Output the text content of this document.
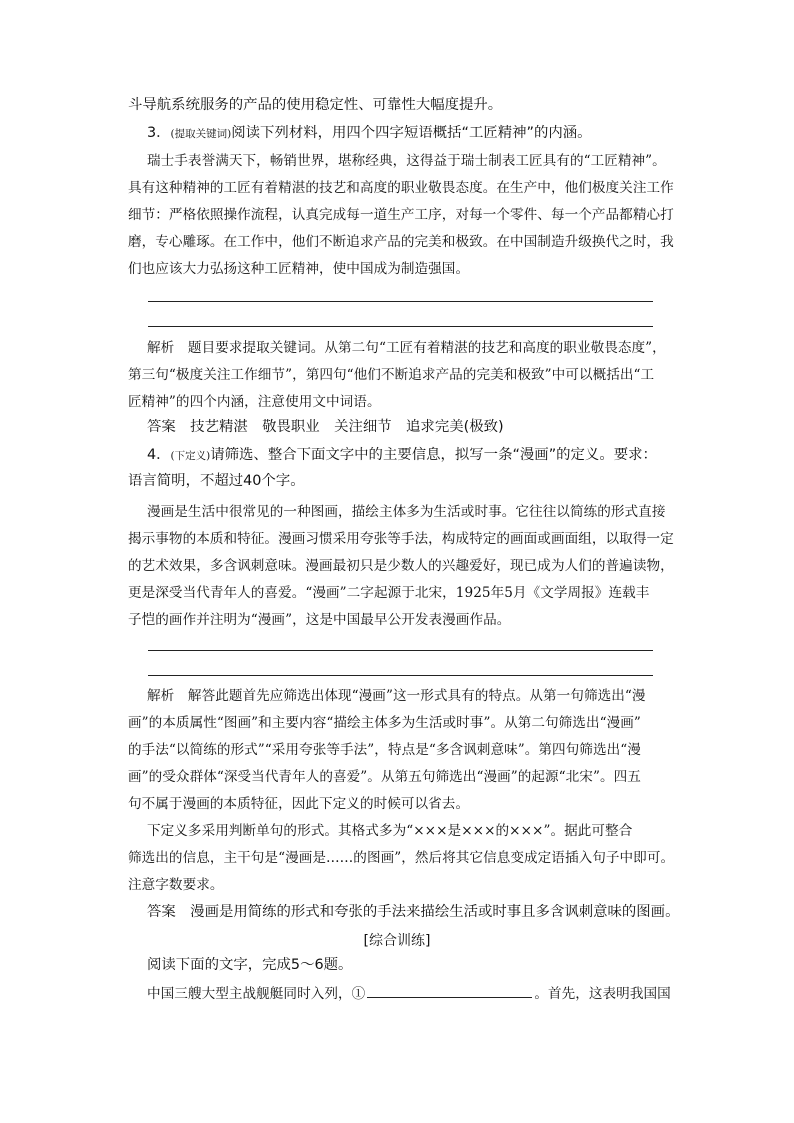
斗导航系统服务的产品的使用稳定性、可靠性大幅度提升。
3．(提取关键词)阅读下列材料，用四个四字短语概括“工匠精神”的内涵。
瑞士手表誉满天下，畅销世界，堪称经典，这得益于瑞士制表工匠具有的“工匠精神”。
具有这种精神的工匠有着精湛的技艺和高度的职业敬畏态度。在生产中，他们极度关注工作
细节：严格依照操作流程，认真完成每一道生产工序，对每一个零件、每一个产品都精心打
磨，专心雕琢。在工作中，他们不断追求产品的完美和极致。在中国制造升级换代之时，我
们也应该大力弘扬这种工匠精神，使中国成为制造强国。
解析　题目要求提取关键词。从第二句“工匠有着精湛的技艺和高度的职业敬畏态度”，
第三句“极度关注工作细节”，第四句“他们不断追求产品的完美和极致”中可以概括出“工
匠精神”的四个内涵，注意使用文中词语。
答案　技艺精湛　敬畏职业　关注细节　追求完美(极致)
4．(下定义)请筛选、整合下面文字中的主要信息，拟写一条“漫画”的定义。要求：
语言简明，不超过40个字。
漫画是生活中很常见的一种图画，描绘主体多为生活或时事。它往往以简练的形式直接
揭示事物的本质和特征。漫画习惯采用夸张等手法，构成特定的画面或画面组，以取得一定
的艺术效果，多含讽刺意味。漫画最初只是少数人的兴趣爱好，现已成为人们的普遍读物，
更是深受当代青年人的喜爱。“漫画”二字起源于北宋，1925年5月《文学周报》连载丰
子恺的画作并注明为“漫画”，这是中国最早公开发表漫画作品。
解析　解答此题首先应筛选出体现“漫画”这一形式具有的特点。从第一句筛选出“漫
画”的本质属性“图画”和主要内容“描绘主体多为生活或时事”。从第二句筛选出“漫画”
的手法“以简练的形式”“采用夸张等手法”，特点是“多含讽刺意味”。第四句筛选出“漫
画”的受众群体“深受当代青年人的喜爱”。从第五句筛选出“漫画”的起源“北宋”。四五
句不属于漫画的本质特征，因此下定义的时候可以省去。
下定义多采用判断单句的形式。其格式多为“×××是×××的×××”。据此可整合
筛选出的信息，主干句是“漫画是……的图画”，然后将其它信息变成定语插入句子中即可。
注意字数要求。
答案　漫画是用简练的形式和夸张的手法来描绘生活或时事且多含讽刺意味的图画。
[综合训练]
阅读下面的文字，完成5～6题。
中国三艘大型主战舰艇同时入列，①	。首先，这表明我国国
